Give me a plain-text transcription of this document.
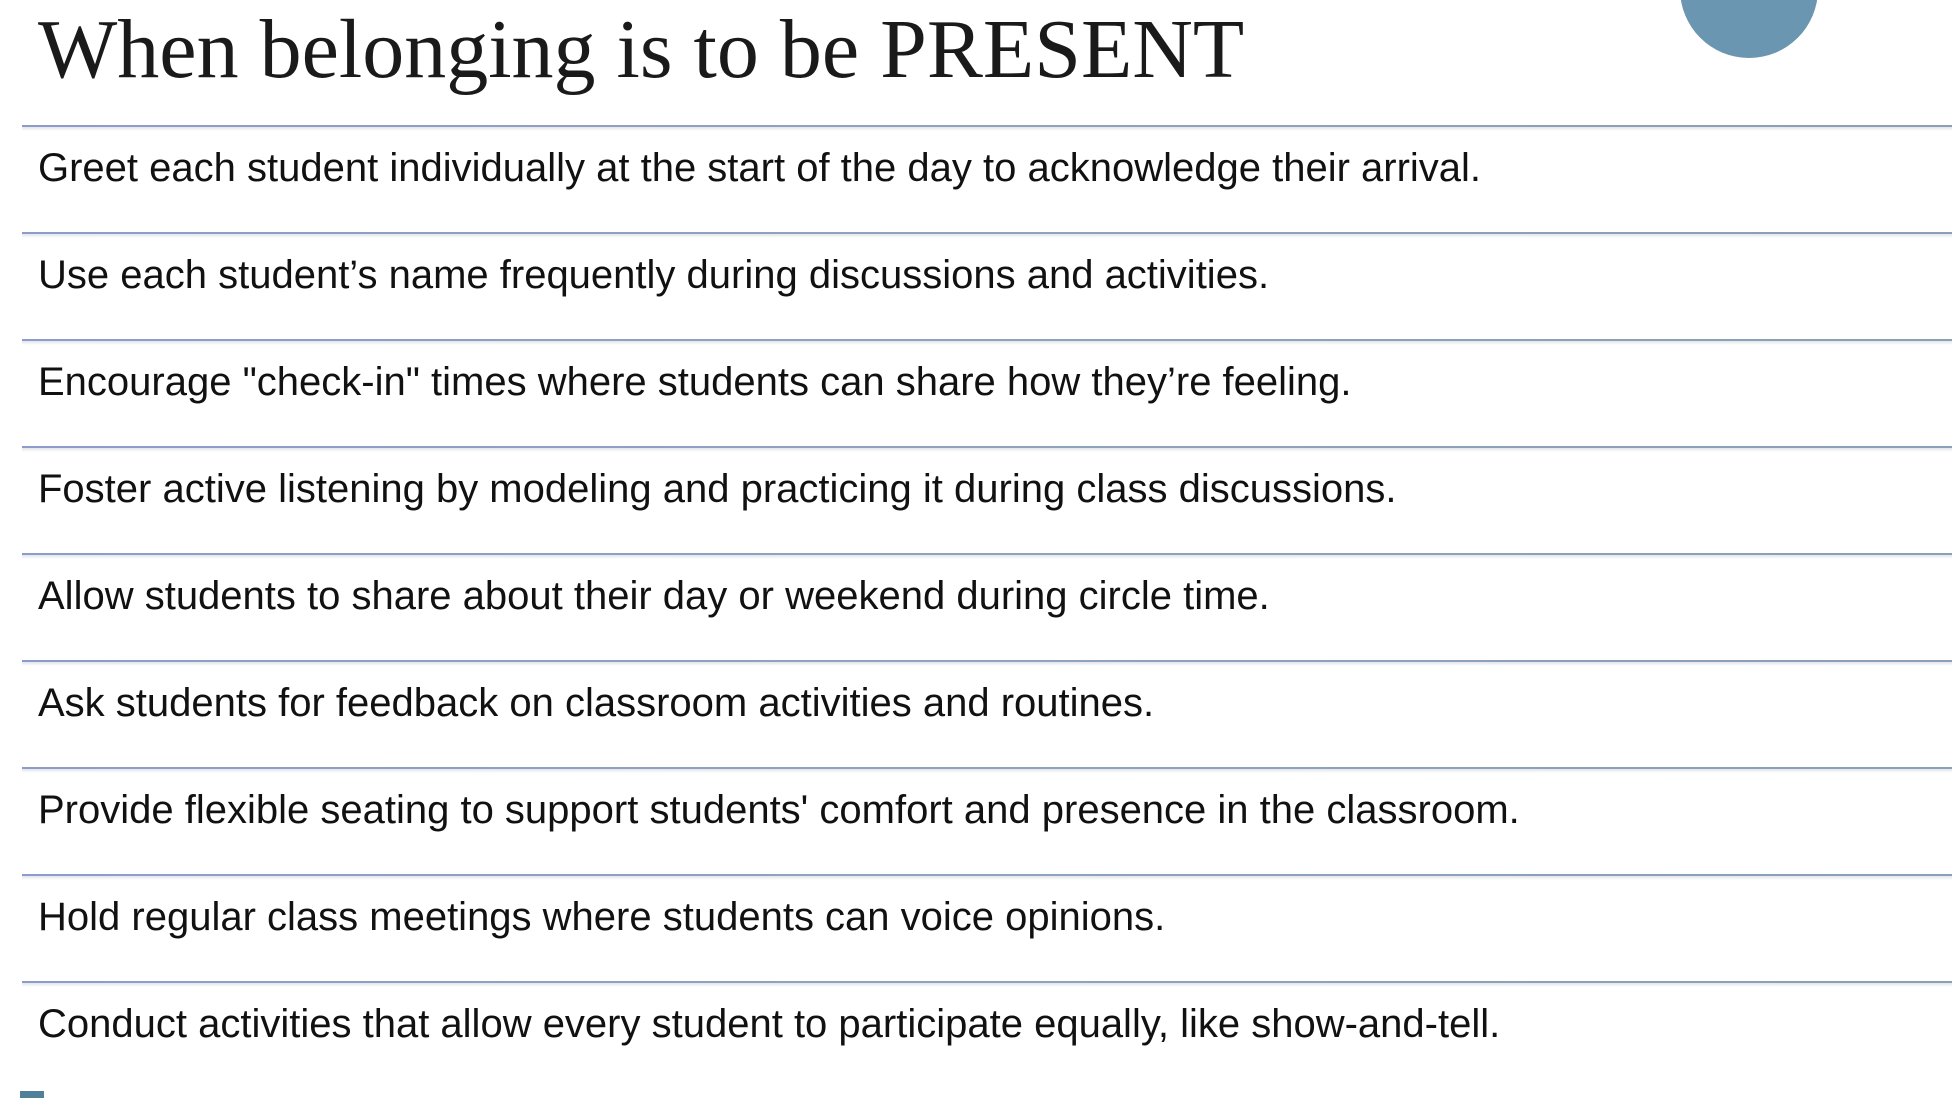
When belonging is to be PRESENT
Greet each student individually at the start of the day to acknowledge their arrival.
Use each student’s name frequently during discussions and activities.
Encourage "check-in" times where students can share how they’re feeling.
Foster active listening by modeling and practicing it during class discussions.
Allow students to share about their day or weekend during circle time.
Ask students for feedback on classroom activities and routines.
Provide flexible seating to support students' comfort and presence in the classroom.
Hold regular class meetings where students can voice opinions.
Conduct activities that allow every student to participate equally, like show-and-tell.
